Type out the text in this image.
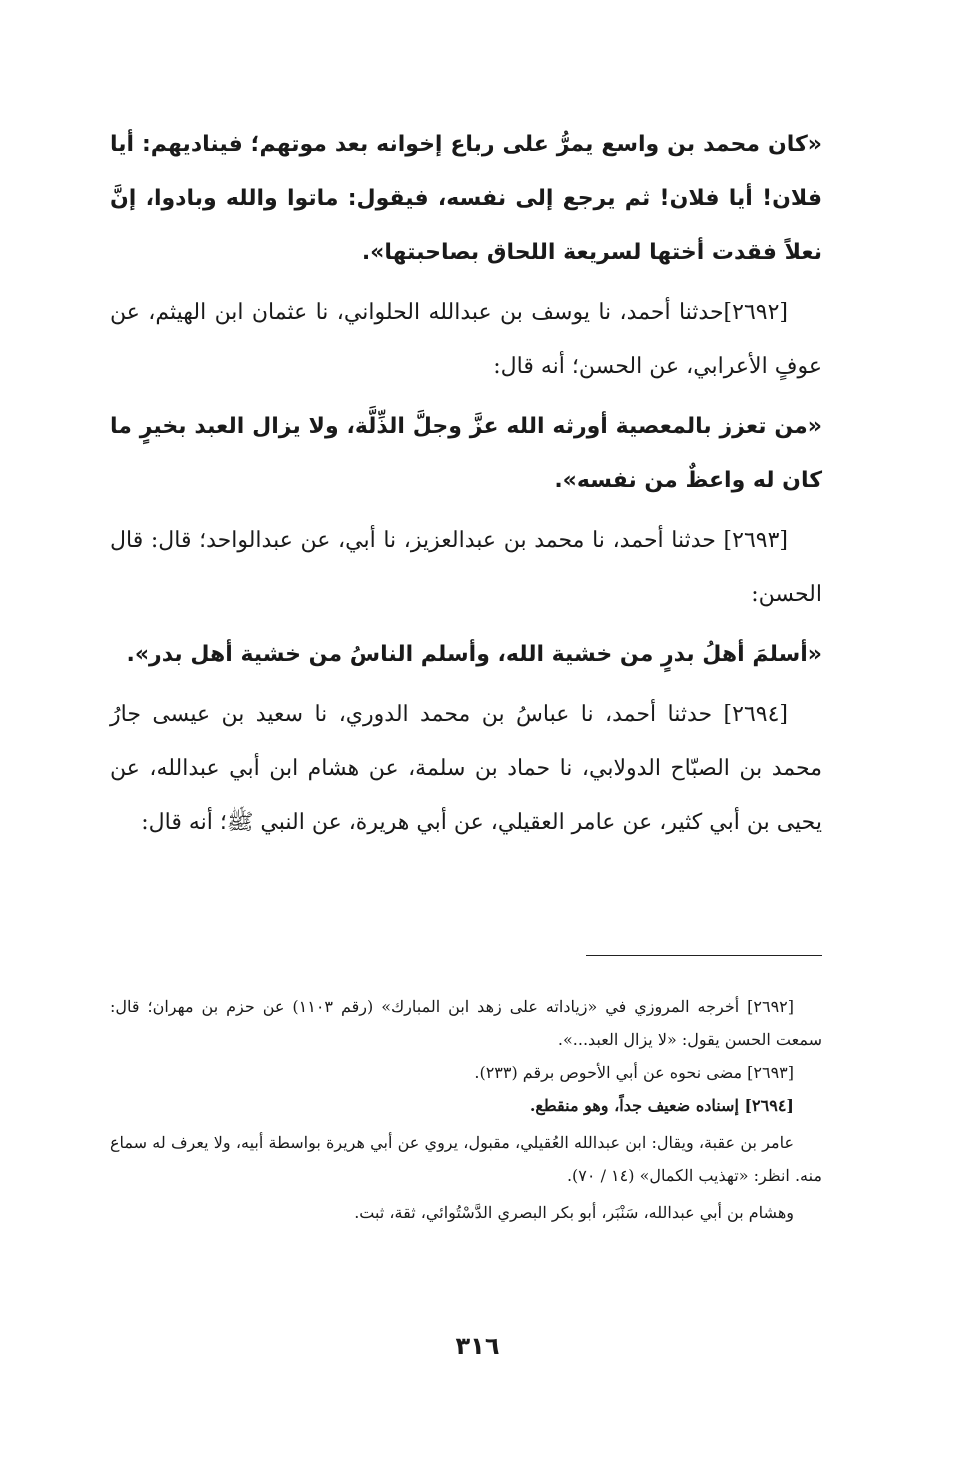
«كان محمد بن واسع يمرُّ على رباع إخوانه بعد موتهم؛ فيناديهم: أيا فلان! أيا فلان! ثم يرجع إلى نفسه، فيقول: ماتوا والله وبادوا، إنَّ نعلاً فقدت أختها لسريعة اللحاق بصاحبتها».

[٢٦٩٢]حدثنا أحمد، نا يوسف بن عبدالله الحلواني، نا عثمان ابن الهيثم، عن عوفٍ الأعرابي، عن الحسن؛ أنه قال:

«من تعزز بالمعصية أورثه الله عزَّ وجلَّ الذِّلَّة، ولا يزال العبد بخيرٍ ما كان له واعظٌ من نفسه».

[٢٦٩٣] حدثنا أحمد، نا محمد بن عبدالعزيز، نا أبي، عن عبدالواحد؛ قال: قال الحسن:

«أسلمَ أهلُ بدرٍ من خشية الله، وأسلم الناسُ من خشية أهل بدر».

[٢٦٩٤] حدثنا أحمد، نا عباسُ بن محمد الدوري، نا سعيد بن عيسى جارُ محمد بن الصبّاح الدولابي، نا حماد بن سلمة، عن هشام ابن أبي عبدالله، عن يحيى بن أبي كثير، عن عامر العقيلي، عن أبي هريرة، عن النبي ﷺ؛ أنه قال:

[٢٦٩٢] أخرجه المروزي في «زياداته على زهد ابن المبارك» (رقم ١١٠٣) عن حزم بن مهران؛ قال: سمعت الحسن يقول: «لا يزال العبد...».

[٢٦٩٣] مضى نحوه عن أبي الأحوص برقم (٢٣٣).

[٢٦٩٤] إسناده ضعيف جداً، وهو منقطع.

عامر بن عقبة، ويقال: ابن عبدالله العُقيلي، مقبول، يروي عن أبي هريرة بواسطة أبيه، ولا يعرف له سماع منه. انظر: «تهذيب الكمال» (١٤ / ٧٠).

وهشام بن أبي عبدالله، سَنْبَر، أبو بكر البصري الدَّسْتُوائي، ثقة، ثبت.

٣١٦
